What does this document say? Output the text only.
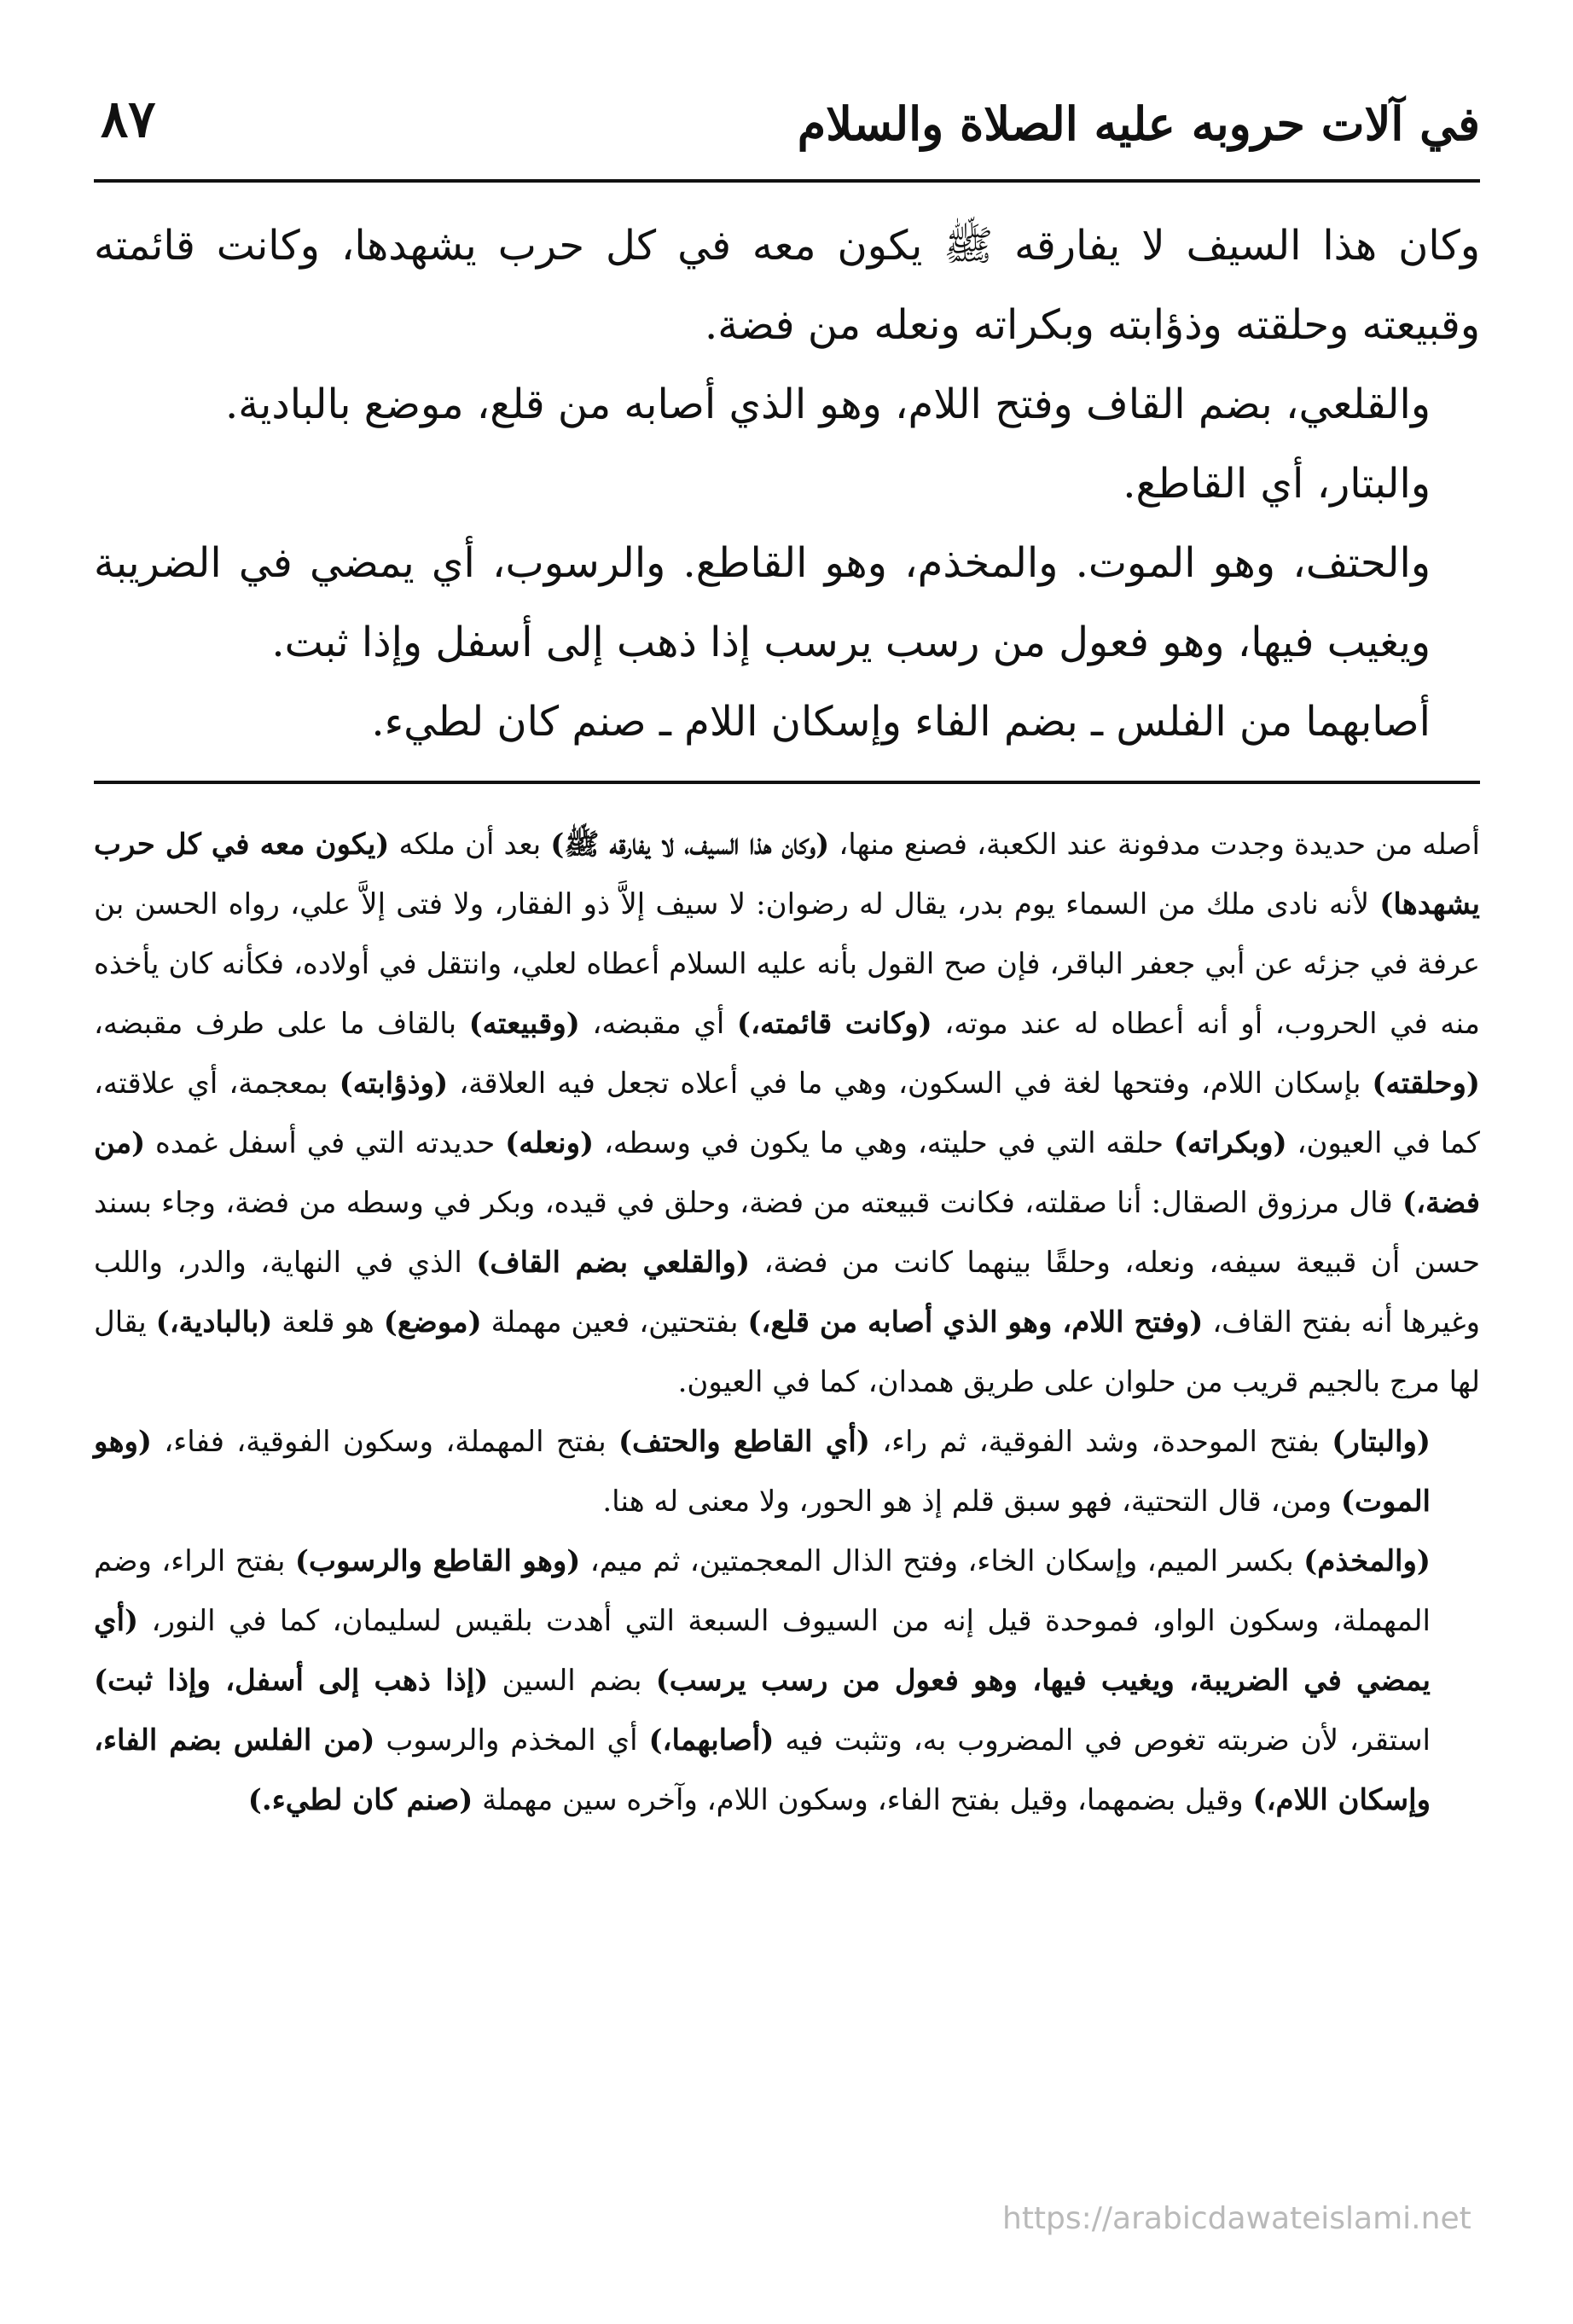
في آلات حروبه عليه الصلاة والسلام
٨٧

وكان هذا السيف لا يفارقه ﷺ يكون معه في كل حرب يشهدها، وكانت قائمته وقبيعته وحلقته وذؤابته وبكراته ونعله من فضة.

والقلعي، بضم القاف وفتح اللام، وهو الذي أصابه من قلع، موضع بالبادية.

والبتار، أي القاطع.

والحتف، وهو الموت. والمخذم، وهو القاطع. والرسوب، أي يمضي في الضريبة ويغيب فيها، وهو فعول من رسب يرسب إذا ذهب إلى أسفل وإذا ثبت.

أصابهما من الفلس ـ بضم الفاء وإسكان اللام ـ صنم كان لطيء.

أصله من حديدة وجدت مدفونة عند الكعبة، فصنع منها، (وكان هذا السيف، لا يفارقه ﷺ) بعد أن ملكه (يكون معه في كل حرب يشهدها) لأنه نادى ملك من السماء يوم بدر، يقال له رضوان: لا سيف إلاَّ ذو الفقار، ولا فتى إلاَّ علي، رواه الحسن بن عرفة في جزئه عن أبي جعفر الباقر، فإن صح القول بأنه عليه السلام أعطاه لعلي، وانتقل في أولاده، فكأنه كان يأخذه منه في الحروب، أو أنه أعطاه له عند موته، (وكانت قائمته،) أي مقبضه، (وقبيعته) بالقاف ما على طرف مقبضه، (وحلقته) بإسكان اللام، وفتحها لغة في السكون، وهي ما في أعلاه تجعل فيه العلاقة، (وذؤابته) بمعجمة، أي علاقته، كما في العيون، (وبكراته) حلقه التي في حليته، وهي ما يكون في وسطه، (ونعله) حديدته التي في أسفل غمده (من فضة،) قال مرزوق الصقال: أنا صقلته، فكانت قبيعته من فضة، وحلق في قيده، وبكر في وسطه من فضة، وجاء بسند حسن أن قبيعة سيفه، ونعله، وحلقًا بينهما كانت من فضة، (والقلعي بضم القاف) الذي في النهاية، والدر، واللب وغيرها أنه بفتح القاف، (وفتح اللام، وهو الذي أصابه من قلع،) بفتحتين، فعين مهملة (موضع) هو قلعة (بالبادية،) يقال لها مرج بالجيم قريب من حلوان على طريق همدان، كما في العيون.

(والبتار) بفتح الموحدة، وشد الفوقية، ثم راء، (أي القاطع والحتف) بفتح المهملة، وسكون الفوقية، ففاء، (وهو الموت) ومن، قال التحتية، فهو سبق قلم إذ هو الحور، ولا معنى له هنا.

(والمخذم) بكسر الميم، وإسكان الخاء، وفتح الذال المعجمتين، ثم ميم، (وهو القاطع والرسوب) بفتح الراء، وضم المهملة، وسكون الواو، فموحدة قيل إنه من السيوف السبعة التي أهدت بلقيس لسليمان، كما في النور، (أي يمضي في الضريبة، ويغيب فيها، وهو فعول من رسب يرسب) بضم السين (إذا ذهب إلى أسفل، وإذا ثبت) استقر، لأن ضربته تغوص في المضروب به، وتثبت فيه (أصابهما،) أي المخذم والرسوب (من الفلس بضم الفاء، وإسكان اللام،) وقيل بضمهما، وقيل بفتح الفاء، وسكون اللام، وآخره سين مهملة (صنم كان لطيء.)

https://arabicdawateislami.net
